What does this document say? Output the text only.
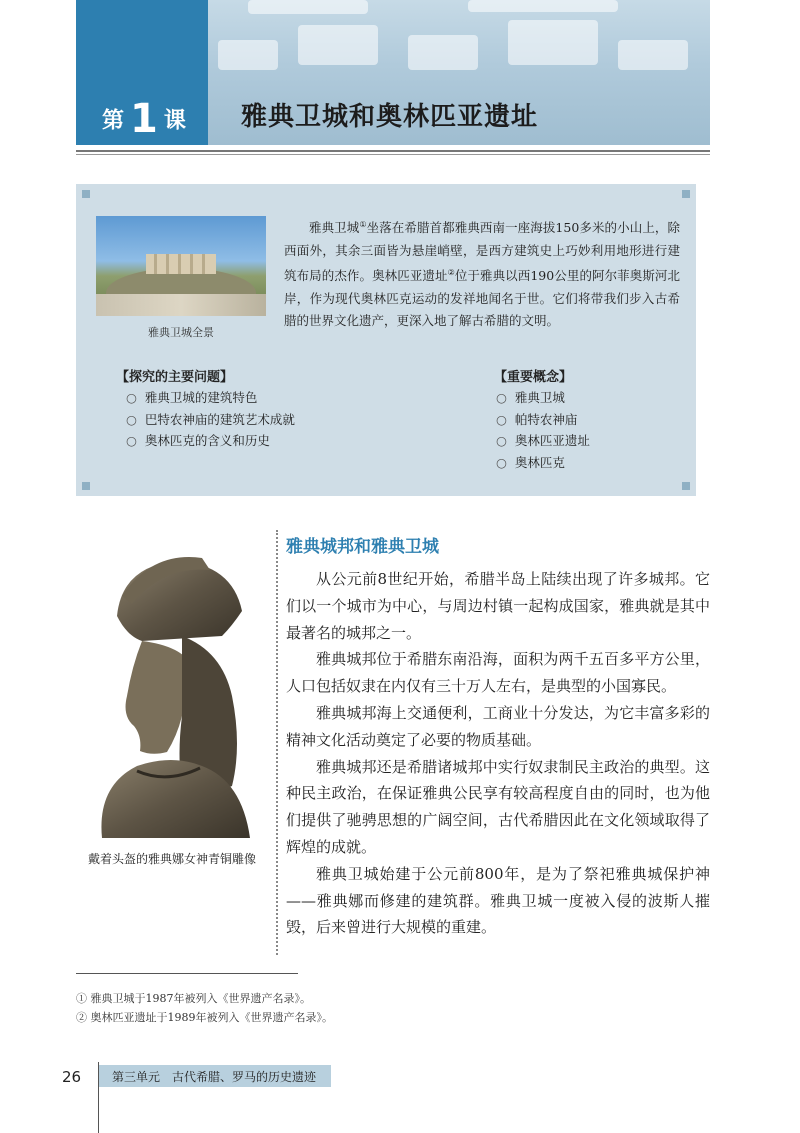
第 1 课 雅典卫城和奥林匹亚遗址
雅典卫城全景
雅典卫城①坐落在希腊首都雅典西南一座海拔150多米的小山上，除西面外，其余三面皆为悬崖峭壁，是西方建筑史上巧妙利用地形进行建筑布局的杰作。奥林匹亚遗址②位于雅典以西190公里的阿尔菲奥斯河北岸，作为现代奥林匹克运动的发祥地闻名于世。它们将带我们步入古希腊的世界文化遗产，更深入地了解古希腊的文明。
【探究的主要问题】
○ 雅典卫城的建筑特色
○ 巴特农神庙的建筑艺术成就
○ 奥林匹克的含义和历史
【重要概念】
○ 雅典卫城
○ 帕特农神庙
○ 奥林匹亚遗址
○ 奥林匹克
戴着头盔的雅典娜女神青铜雕像
雅典城邦和雅典卫城

从公元前8世纪开始，希腊半岛上陆续出现了许多城邦。它们以一个城市为中心，与周边村镇一起构成国家，雅典就是其中最著名的城邦之一。

雅典城邦位于希腊东南沿海，面积为两千五百多平方公里，人口包括奴隶在内仅有三十万人左右，是典型的小国寡民。

雅典城邦海上交通便利，工商业十分发达，为它丰富多彩的精神文化活动奠定了必要的物质基础。

雅典城邦还是希腊诸城邦中实行奴隶制民主政治的典型。这种民主政治，在保证雅典公民享有较高程度自由的同时，也为他们提供了驰骋思想的广阔空间，古代希腊因此在文化领域取得了辉煌的成就。

雅典卫城始建于公元前800年，是为了祭祀雅典城保护神——雅典娜而修建的建筑群。雅典卫城一度被入侵的波斯人摧毁，后来曾进行大规模的重建。

① 雅典卫城于1987年被列入《世界遗产名录》。
② 奥林匹亚遗址于1989年被列入《世界遗产名录》。
26	第三单元　古代希腊、罗马的历史遗迹
